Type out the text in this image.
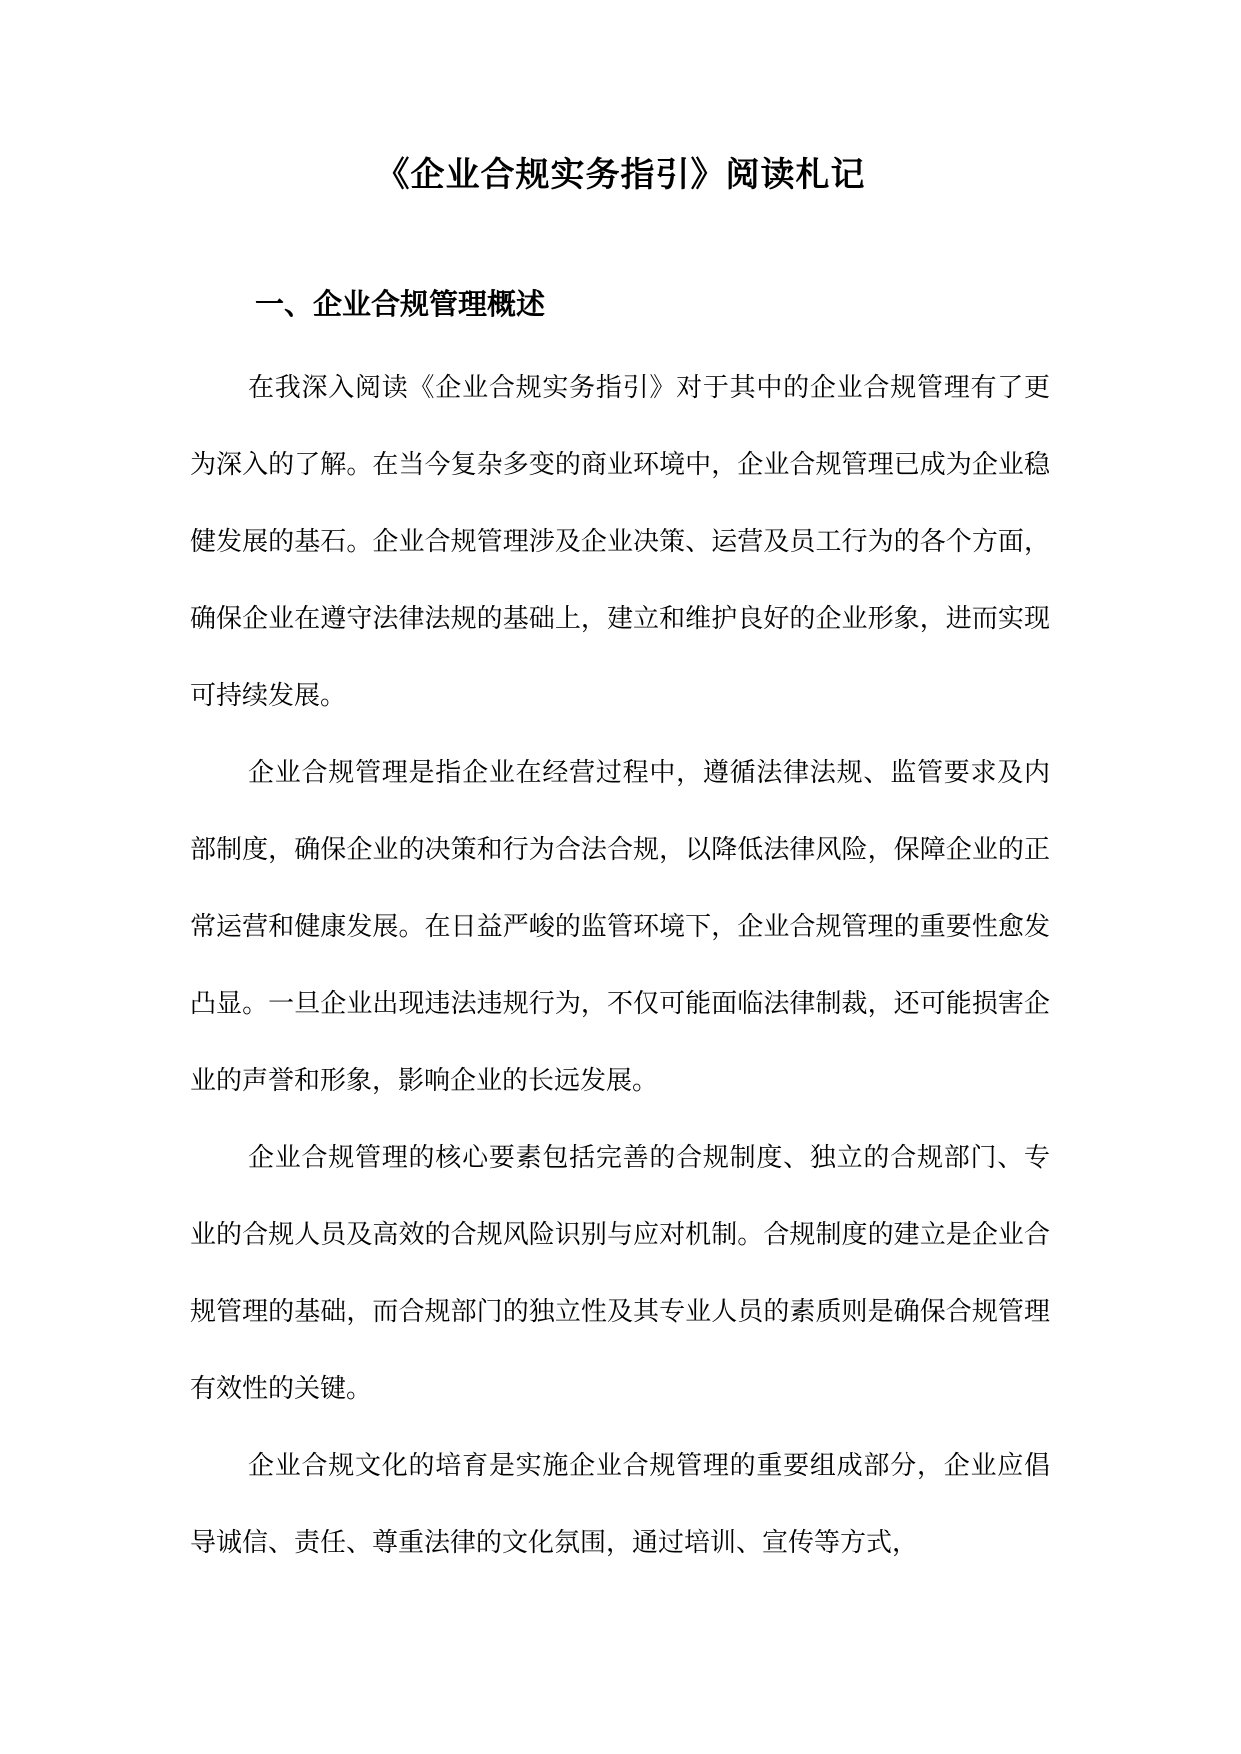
《企业合规实务指引》阅读札记
一、企业合规管理概述

在我深入阅读《企业合规实务指引》对于其中的企业合规管理有了更为深入的了解。在当今复杂多变的商业环境中，企业合规管理已成为企业稳健发展的基石。企业合规管理涉及企业决策、运营及员工行为的各个方面，确保企业在遵守法律法规的基础上，建立和维护良好的企业形象，进而实现可持续发展。

企业合规管理是指企业在经营过程中，遵循法律法规、监管要求及内部制度，确保企业的决策和行为合法合规，以降低法律风险，保障企业的正常运营和健康发展。在日益严峻的监管环境下，企业合规管理的重要性愈发凸显。一旦企业出现违法违规行为，不仅可能面临法律制裁，还可能损害企业的声誉和形象，影响企业的长远发展。

企业合规管理的核心要素包括完善的合规制度、独立的合规部门、专业的合规人员及高效的合规风险识别与应对机制。合规制度的建立是企业合规管理的基础，而合规部门的独立性及其专业人员的素质则是确保合规管理有效性的关键。

企业合规文化的培育是实施企业合规管理的重要组成部分，企业应倡导诚信、责任、尊重法律的文化氛围，通过培训、宣传等方式，
